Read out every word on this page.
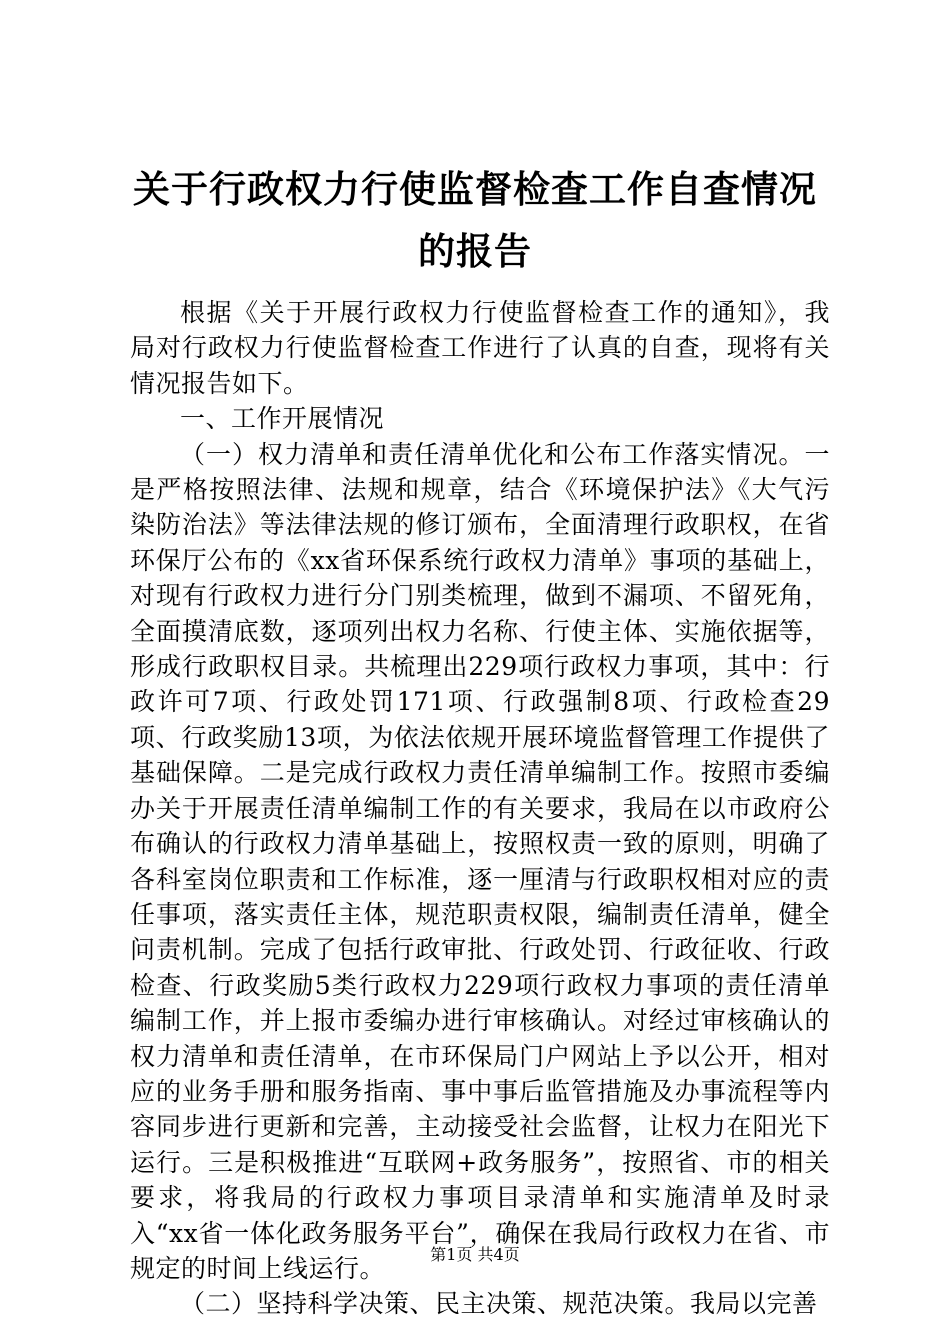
关于行政权力行使监督检查工作自查情况的报告

根据《关于开展行政权力行使监督检查工作的通知》，我局对行政权力行使监督检查工作进行了认真的自查，现将有关情况报告如下。

一、工作开展情况

（一）权力清单和责任清单优化和公布工作落实情况。一是严格按照法律、法规和规章，结合《环境保护法》《大气污染防治法》等法律法规的修订颁布，全面清理行政职权，在省环保厅公布的《xx省环保系统行政权力清单》事项的基础上，对现有行政权力进行分门别类梳理，做到不漏项、不留死角，全面摸清底数，逐项列出权力名称、行使主体、实施依据等，形成行政职权目录。共梳理出229项行政权力事项，其中：行政许可7项、行政处罚171项、行政强制8项、行政检查29项、行政奖励13项，为依法依规开展环境监督管理工作提供了基础保障。二是完成行政权力责任清单编制工作。按照市委编办关于开展责任清单编制工作的有关要求，我局在以市政府公布确认的行政权力清单基础上，按照权责一致的原则，明确了各科室岗位职责和工作标准，逐一厘清与行政职权相对应的责任事项，落实责任主体，规范职责权限，编制责任清单，健全问责机制。完成了包括行政审批、行政处罚、行政征收、行政检查、行政奖励5类行政权力229项行政权力事项的责任清单编制工作，并上报市委编办进行审核确认。对经过审核确认的权力清单和责任清单，在市环保局门户网站上予以公开，相对应的业务手册和服务指南、事中事后监管措施及办事流程等内容同步进行更新和完善，主动接受社会监督，让权力在阳光下运行。三是积极推进“互联网+政务服务”，按照省、市的相关要求，将我局的行政权力事项目录清单和实施清单及时录入“xx省一体化政务服务平台”，确保在我局行政权力在省、市规定的时间上线运行。

（二）坚持科学决策、民主决策、规范决策。我局以完善

第1页 共4页
